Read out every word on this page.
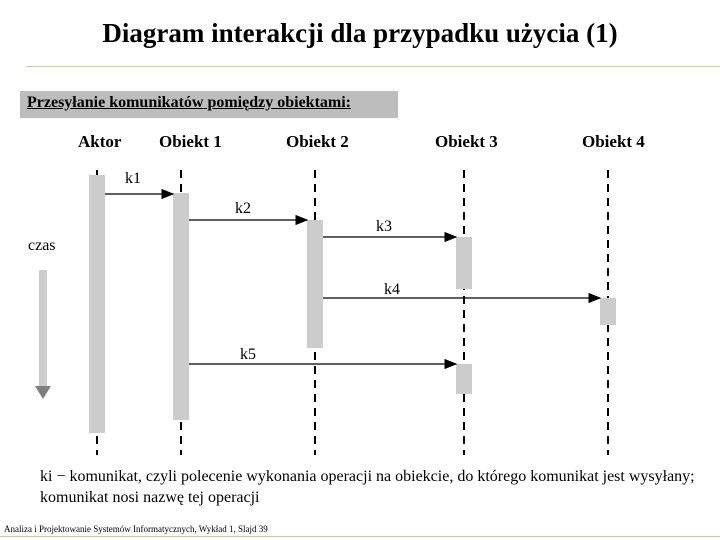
Diagram interakcji dla przypadku użycia (1)
Przesyłanie komunikatów pomiędzy obiektami:
Aktor Obiekt 1	Obiekt 2	Obiekt 3	Obiekt 4
k1
k2
k3
k4
k5
czas
ki − komunikat, czyli polecenie wykonania operacji na obiekcie, do którego komunikat jest wysyłany; komunikat nosi nazwę tej operacji
Analiza i Projektowanie Systemów Informatycznych, Wykład 1, Slajd 39
